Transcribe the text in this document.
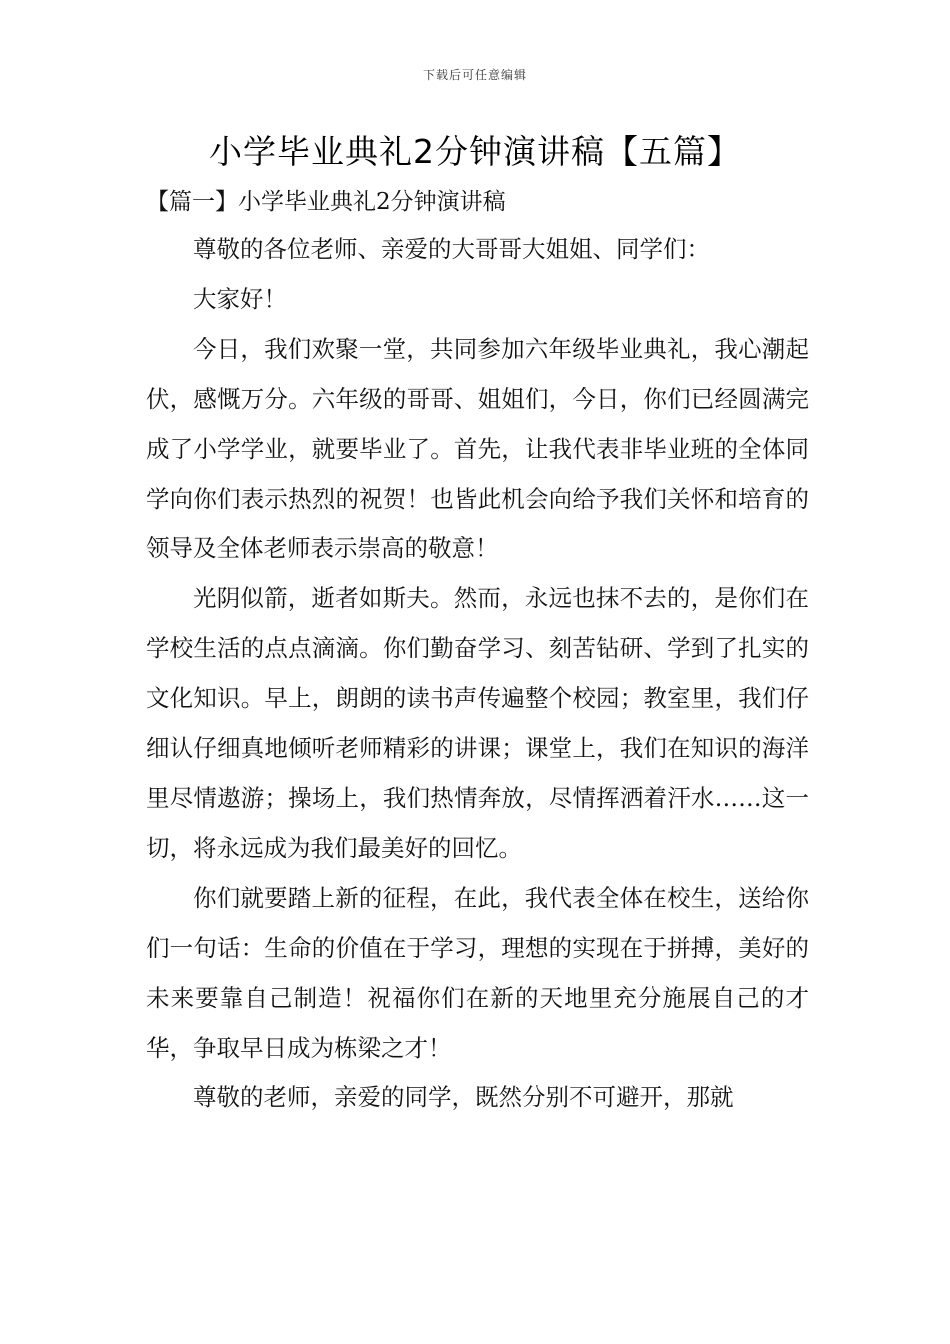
下载后可任意编辑
小学毕业典礼2分钟演讲稿【五篇】
【篇一】小学毕业典礼2分钟演讲稿

尊敬的各位老师、亲爱的大哥哥大姐姐、同学们：

大家好！

今日，我们欢聚一堂，共同参加六年级毕业典礼，我心潮起伏，感慨万分。六年级的哥哥、姐姐们，今日，你们已经圆满完成了小学学业，就要毕业了。首先，让我代表非毕业班的全体同学向你们表示热烈的祝贺！也皆此机会向给予我们关怀和培育的领导及全体老师表示崇高的敬意！

光阴似箭，逝者如斯夫。然而，永远也抹不去的，是你们在学校生活的点点滴滴。你们勤奋学习、刻苦钻研、学到了扎实的文化知识。早上，朗朗的读书声传遍整个校园；教室里，我们仔细认仔细真地倾听老师精彩的讲课；课堂上，我们在知识的海洋里尽情遨游；操场上，我们热情奔放，尽情挥洒着汗水……这一切，将永远成为我们最美好的回忆。

你们就要踏上新的征程，在此，我代表全体在校生，送给你们一句话：生命的价值在于学习，理想的实现在于拼搏，美好的未来要靠自己制造！祝福你们在新的天地里充分施展自己的才华，争取早日成为栋梁之才！

尊敬的老师，亲爱的同学，既然分别不可避开，那就
